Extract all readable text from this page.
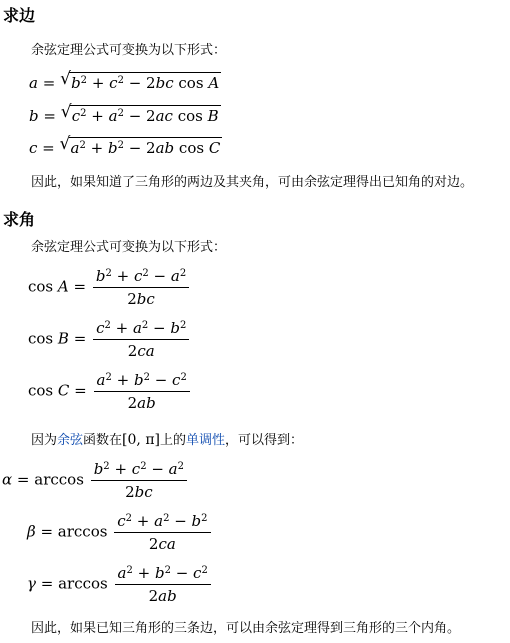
求边
余弦定理公式可变换为以下形式：
a = √ $b^2 + c^2 - 2bc$ cos A
b = √ $c^2 + a^2 - 2ac$ cos B
c = √ $a^2 + b^2 - 2ab$ cos C
因此，如果知道了三角形的两边及其夹角，可由余弦定理得出已知角的对边。
求角
余弦定理公式可变换为以下形式：
$\cos A = \frac{b^2 + c^2 - a^2}{2bc}$
$\cos B = \frac{c^2 + a^2 - b^2}{2ca}$
$\cos C = \frac{a^2 + b^2 - c^2}{2ab}$
因为余弦函数在[0, π]上的单调性，可以得到：
$\alpha = \arccos \frac{b^2 + c^2 - a^2}{2bc}$
$\beta = \arccos \frac{c^2 + a^2 - b^2}{2ca}$
$\gamma = \arccos \frac{a^2 + b^2 - c^2}{2ab}$
因此，如果已知三角形的三条边，可以由余弦定理得到三角形的三个内角。
